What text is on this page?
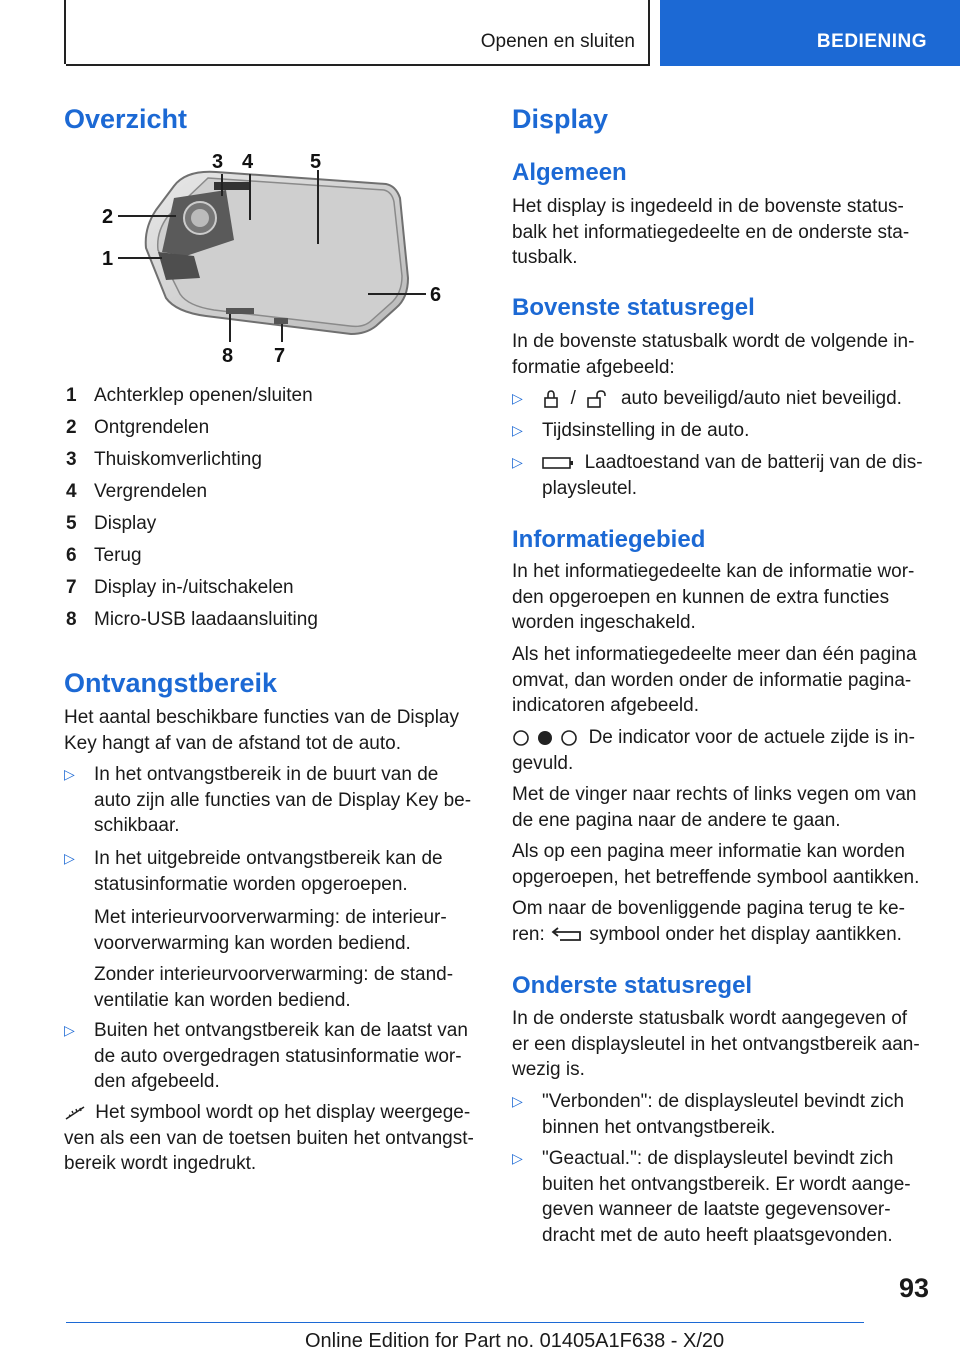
Openen en sluiten	BEDIENING
Overzicht
1
2
3 4	5
6
7
8
1 Achterklep openen/sluiten
2 Ontgrendelen
3 Thuiskomverlichting
4 Vergrendelen
5 Display
6 Terug
7 Display in-/uitschakelen
8 Micro-USB laadaansluiting
Ontvangstbereik

Het aantal beschikbare functies van de Display
Key hangt af van de afstand tot de auto.

▷ In het ontvangstbereik in de buurt van de
auto zijn alle functies van de Display Key be-
schikbaar.
▷ In het uitgebreide ontvangstbereik kan de
statusinformatie worden opgeroepen.

Met interieurvoorverwarming: de interieur-
voorverwarming kan worden bediend.

Zonder interieurvoorverwarming: de stand-
ventilatie kan worden bediend.

▷ Buiten het ontvangstbereik kan de laatst van
de auto overgedragen statusinformatie wor-
den afgebeeld.

Het symbool wordt op het display weergege-
ven als een van de toetsen buiten het ontvangst-
bereik wordt ingedrukt.

Display
Algemeen

Het display is ingedeeld in de bovenste status-
balk het informatiegedeelte en de onderste sta-
tusbalk.

Bovenste statusregel

In de bovenste statusbalk wordt de volgende in-
formatie afgebeeld:

▷	/ auto beveiligd/auto niet beveiligd.
▷ Tijdsinstelling in de auto.
▷	Laadtoestand van de batterij van de dis-
playsleutel.
Informatiegebied

In het informatiegedeelte kan de informatie wor-
den opgeroepen en kunnen de extra functies
worden ingeschakeld.

Als het informatiegedeelte meer dan één pagina
omvat, dan worden onder de informatie pagina-
indicatoren afgebeeld.

De indicator voor de actuele zijde is in-
gevuld.

Met de vinger naar rechts of links vegen om van
de ene pagina naar de andere te gaan.

Als op een pagina meer informatie kan worden
opgeroepen, het betreffende symbool aantikken.

Om naar de bovenliggende pagina terug te ke-
ren: symbool onder het display aantikken.

Onderste statusregel

In de onderste statusbalk wordt aangegeven of
er een displaysleutel in het ontvangstbereik aan-
wezig is.

▷ "Verbonden": de displaysleutel bevindt zich
binnen het ontvangstbereik.
▷ "Geactual.": de displaysleutel bevindt zich
buiten het ontvangstbereik. Er wordt aange-
geven wanneer de laatste gegevensover-
dracht met de auto heeft plaatsgevonden.
93
Online Edition for Part no. 01405A1F638 - X/20
